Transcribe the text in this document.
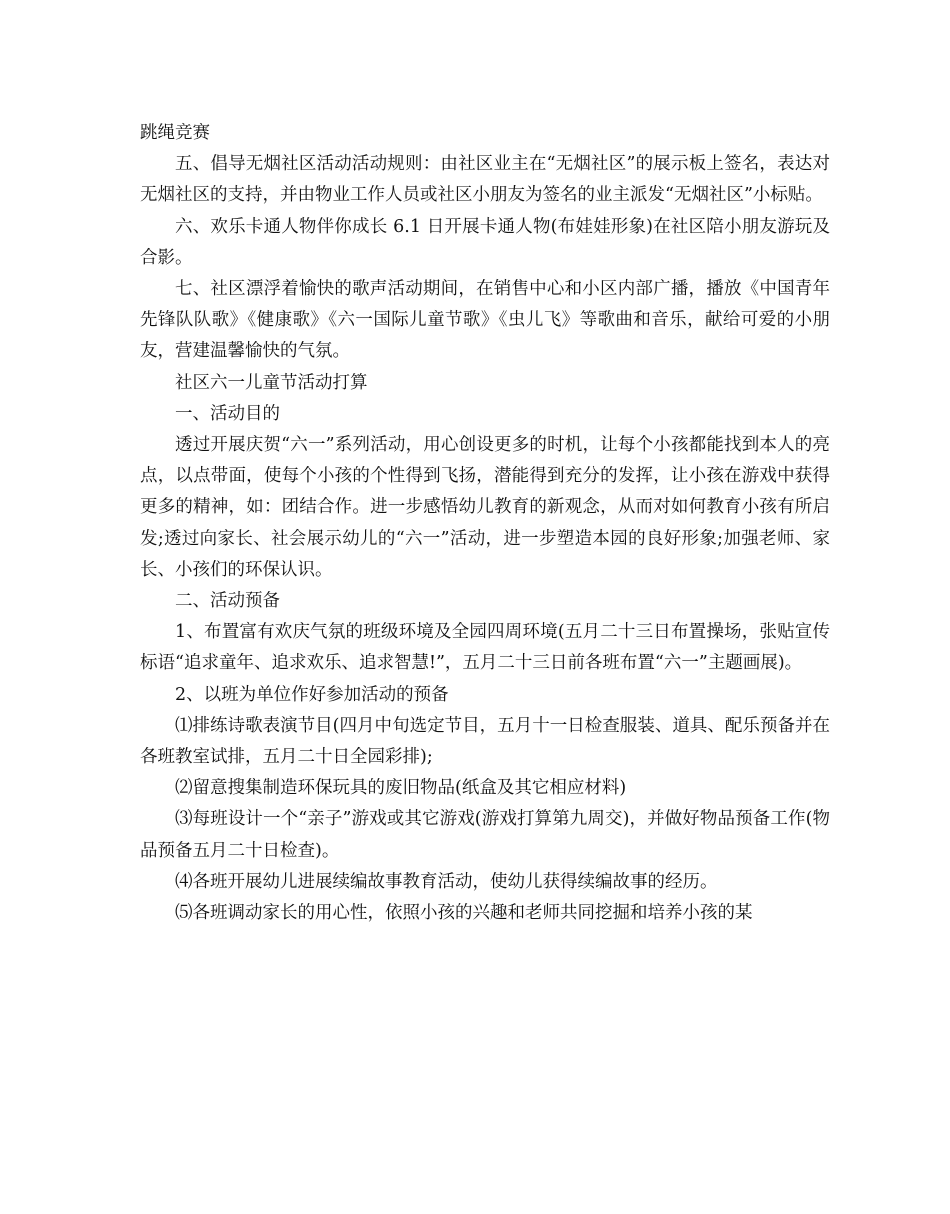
跳绳竞赛

五、倡导无烟社区活动活动规则：由社区业主在“无烟社区”的展示板上签名，表达对无烟社区的支持，并由物业工作人员或社区小朋友为签名的业主派发“无烟社区”小标贴。

六、欢乐卡通人物伴你成长 6.1 日开展卡通人物(布娃娃形象)在社区陪小朋友游玩及合影。

七、社区漂浮着愉快的歌声活动期间，在销售中心和小区内部广播，播放《中国青年先锋队队歌》《健康歌》《六一国际儿童节歌》《虫儿飞》等歌曲和音乐，献给可爱的小朋友，营建温馨愉快的气氛。

社区六一儿童节活动打算

一、活动目的

透过开展庆贺“六一”系列活动，用心创设更多的时机，让每个小孩都能找到本人的亮点，以点带面，使每个小孩的个性得到飞扬，潜能得到充分的发挥，让小孩在游戏中获得更多的精神，如：团结合作。进一步感悟幼儿教育的新观念，从而对如何教育小孩有所启发;透过向家长、社会展示幼儿的“六一”活动，进一步塑造本园的良好形象;加强老师、家长、小孩们的环保认识。

二、活动预备

1、布置富有欢庆气氛的班级环境及全园四周环境(五月二十三日布置操场，张贴宣传标语“追求童年、追求欢乐、追求智慧!”，五月二十三日前各班布置“六一”主题画展)。

2、以班为单位作好参加活动的预备

⑴排练诗歌表演节目(四月中旬选定节目，五月十一日检查服装、道具、配乐预备并在各班教室试排，五月二十日全园彩排);

⑵留意搜集制造环保玩具的废旧物品(纸盒及其它相应材料)

⑶每班设计一个“亲子”游戏或其它游戏(游戏打算第九周交)，并做好物品预备工作(物品预备五月二十日检查)。

⑷各班开展幼儿进展续编故事教育活动，使幼儿获得续编故事的经历。

⑸各班调动家长的用心性，依照小孩的兴趣和老师共同挖掘和培养小孩的某
